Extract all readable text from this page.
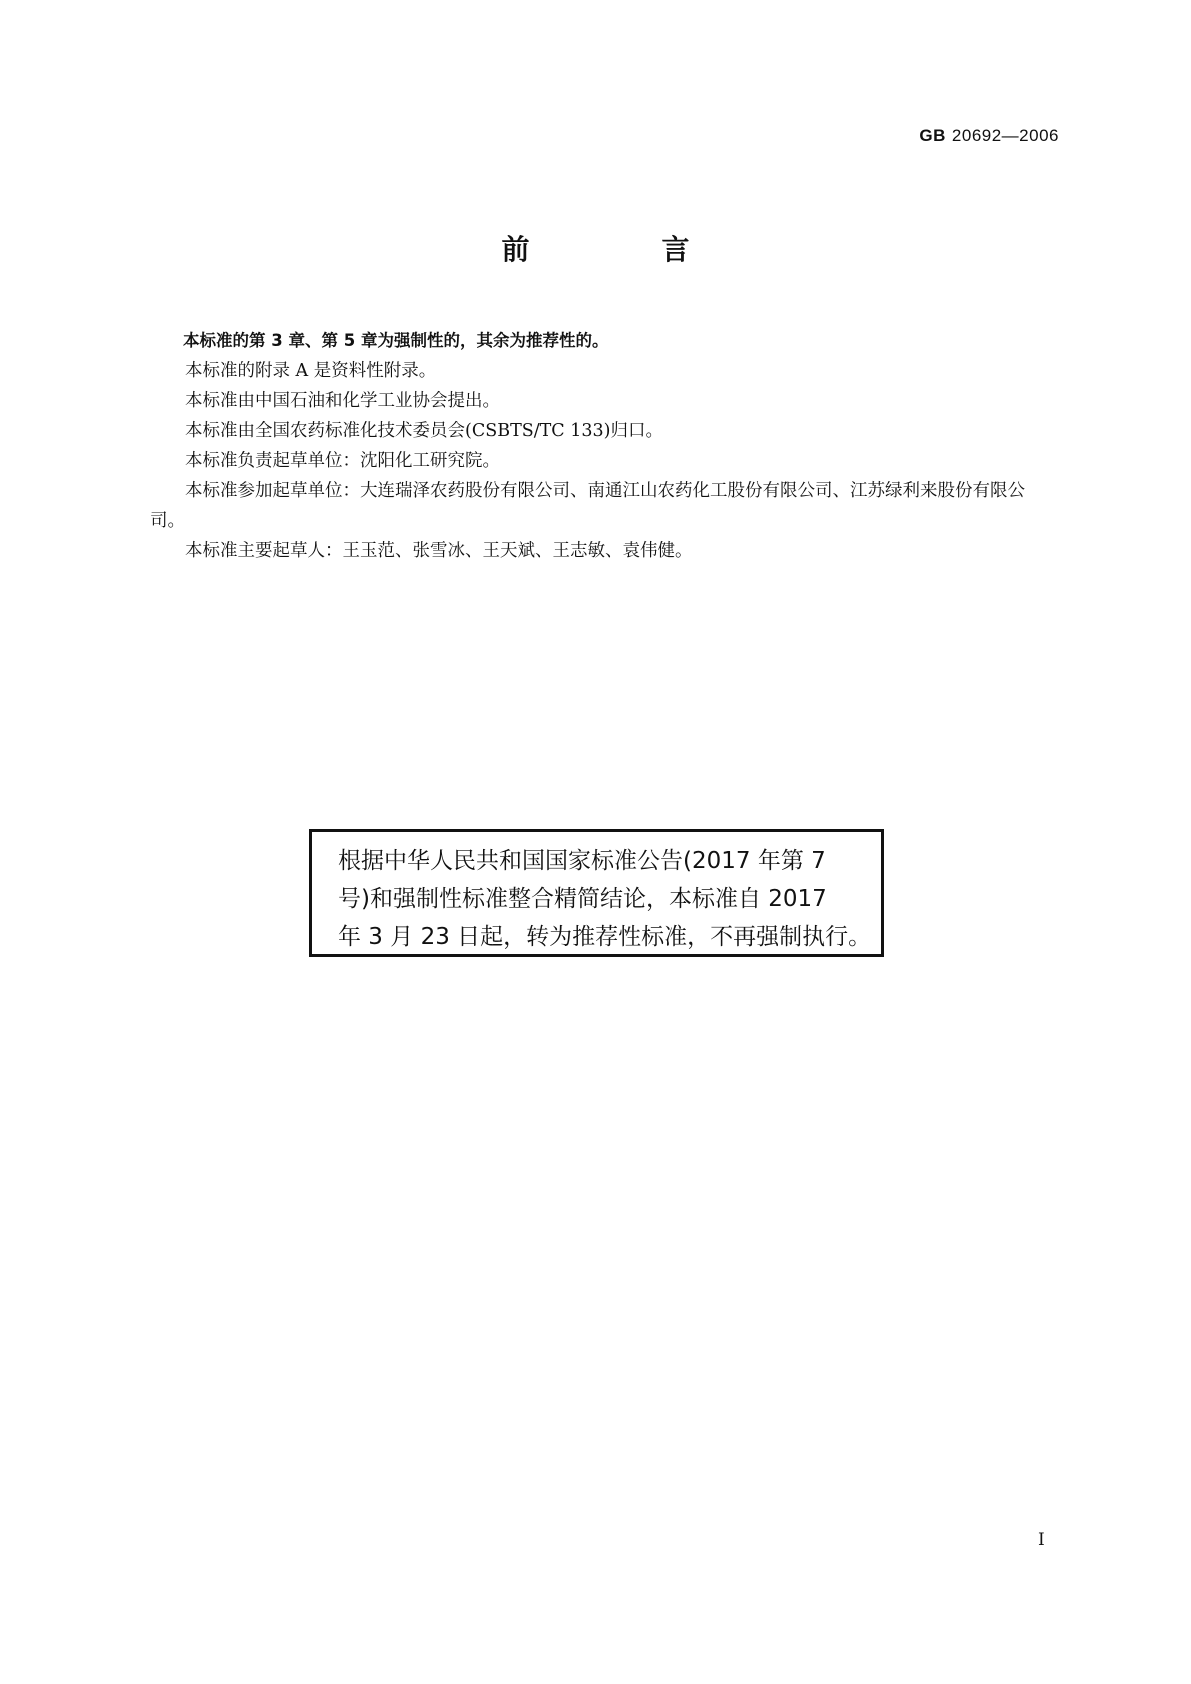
GB 20692—2006
前　言

本标准的第 3 章、第 5 章为强制性的，其余为推荐性的。

本标准的附录 A 是资料性附录。

本标准由中国石油和化学工业协会提出。

本标准由全国农药标准化技术委员会(CSBTS/TC 133)归口。

本标准负责起草单位：沈阳化工研究院。

本标准参加起草单位：大连瑞泽农药股份有限公司、南通江山农药化工股份有限公司、江苏绿利来股份有限公司。

本标准主要起草人：王玉范、张雪冰、王天斌、王志敏、袁伟健。

根据中华人民共和国国家标准公告(2017 年第 7
号)和强制性标准整合精简结论，本标准自 2017
年 3 月 23 日起，转为推荐性标准，不再强制执行。
I
